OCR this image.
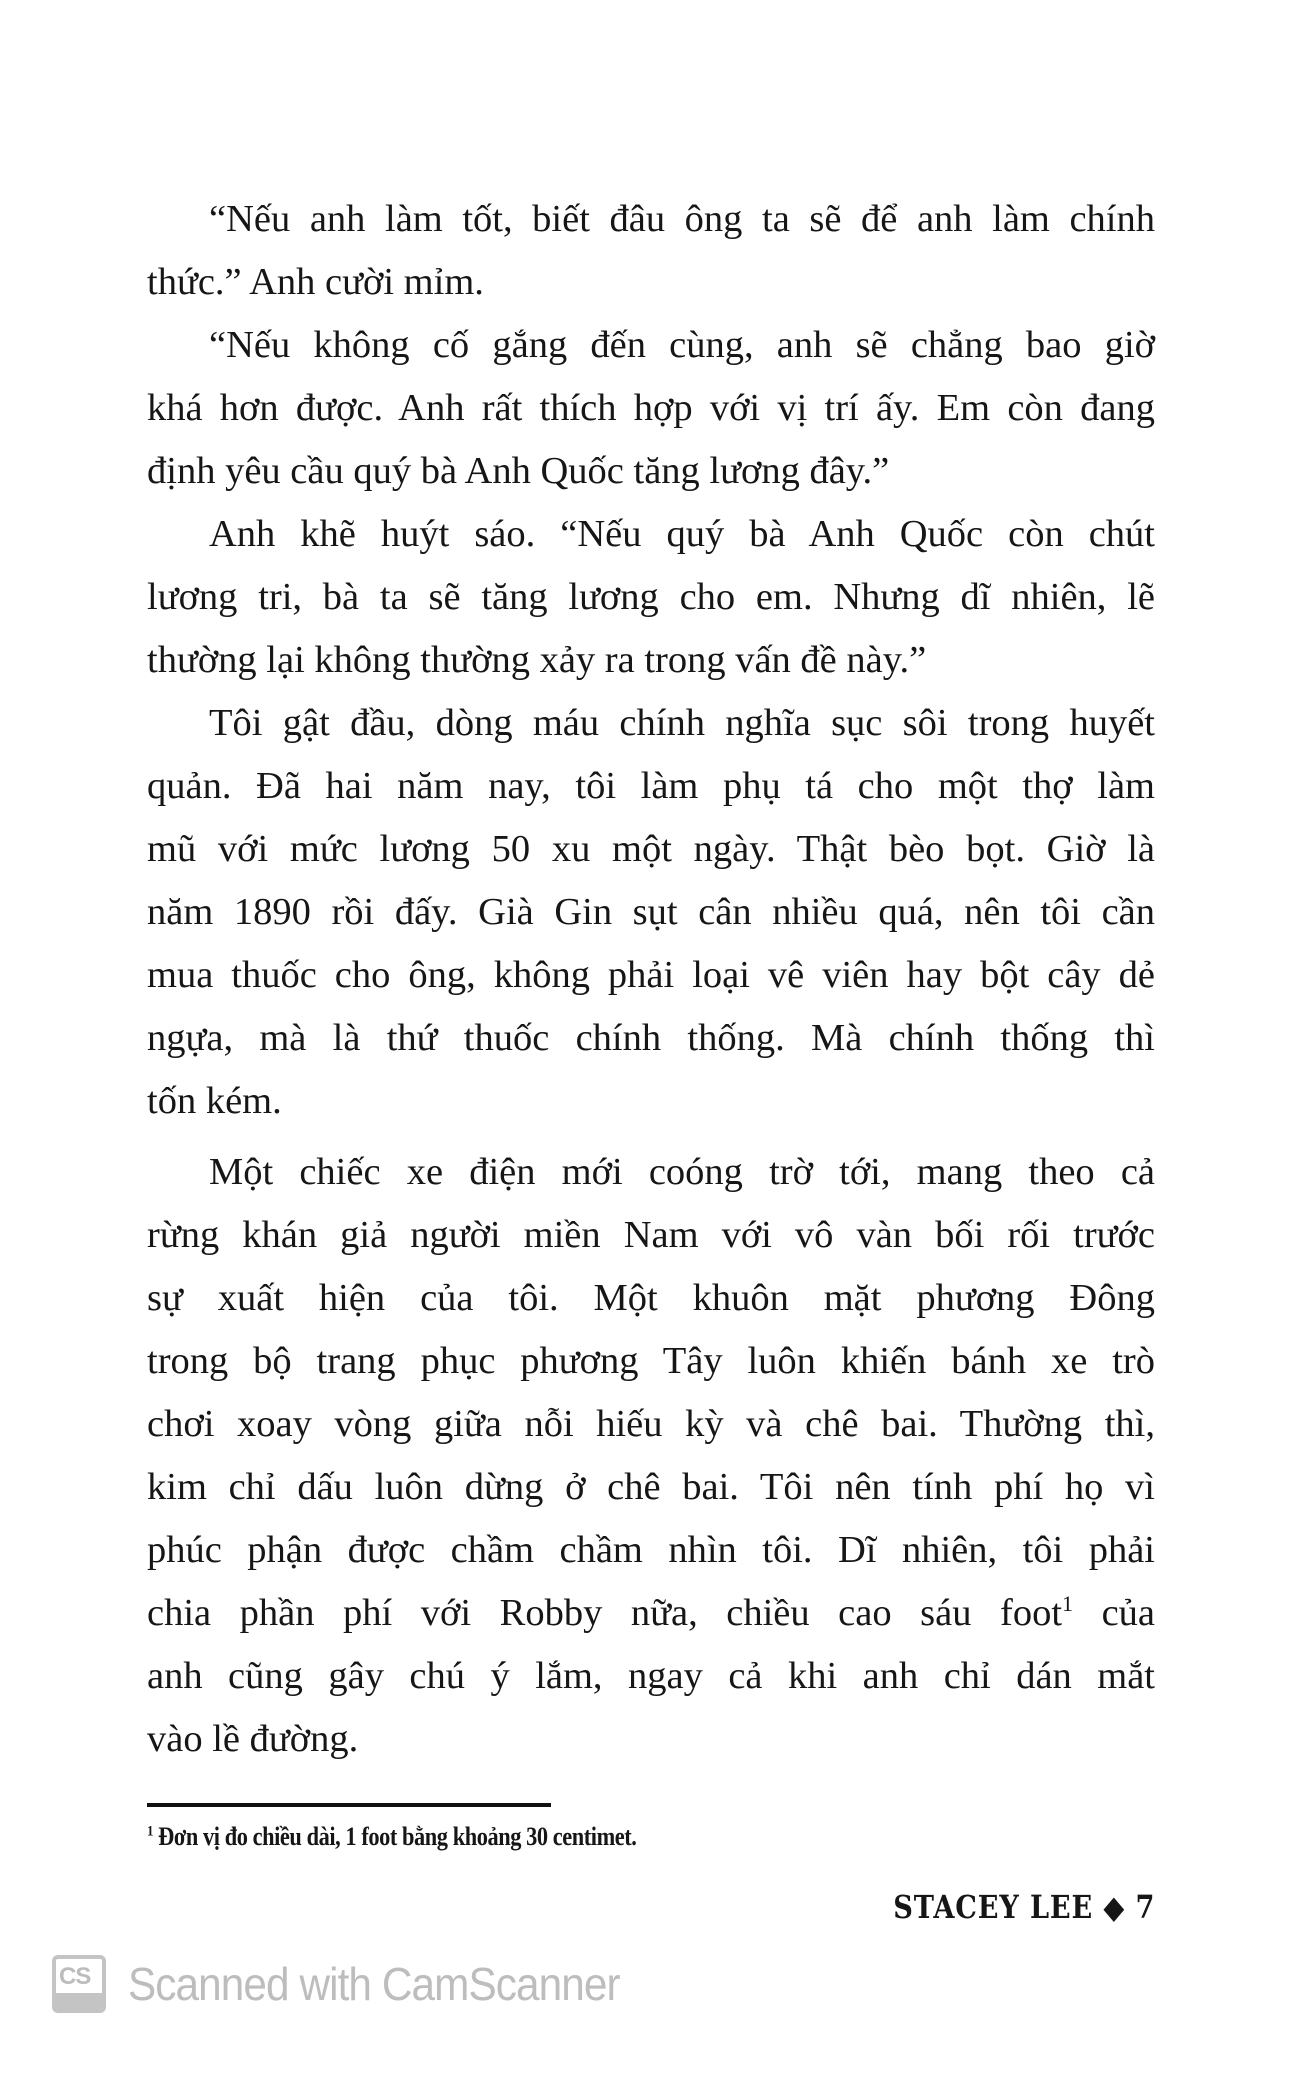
“Nếu anh làm tốt, biết đâu ông ta sẽ để anh làm chính
thức.” Anh cười mỉm.
“Nếu không cố gắng đến cùng, anh sẽ chẳng bao giờ
khá hơn được. Anh rất thích hợp với vị trí ấy. Em còn đang
định yêu cầu quý bà Anh Quốc tăng lương đây.”
Anh khẽ huýt sáo. “Nếu quý bà Anh Quốc còn chút
lương tri, bà ta sẽ tăng lương cho em. Nhưng dĩ nhiên, lẽ
thường lại không thường xảy ra trong vấn đề này.”
Tôi gật đầu, dòng máu chính nghĩa sục sôi trong huyết
quản. Đã hai năm nay, tôi làm phụ tá cho một thợ làm
mũ với mức lương 50 xu một ngày. Thật bèo bọt. Giờ là
năm 1890 rồi đấy. Già Gin sụt cân nhiều quá, nên tôi cần
mua thuốc cho ông, không phải loại vê viên hay bột cây dẻ
ngựa, mà là thứ thuốc chính thống. Mà chính thống thì
tốn kém.
Một chiếc xe điện mới coóng trờ tới, mang theo cả
rừng khán giả người miền Nam với vô vàn bối rối trước
sự xuất hiện của tôi. Một khuôn mặt phương Đông
trong bộ trang phục phương Tây luôn khiến bánh xe trò
chơi xoay vòng giữa nỗi hiếu kỳ và chê bai. Thường thì,
kim chỉ dấu luôn dừng ở chê bai. Tôi nên tính phí họ vì
phúc phận được chầm chầm nhìn tôi. Dĩ nhiên, tôi phải
chia phần phí với Robby nữa, chiều cao sáu foot$^1$ của
anh cũng gây chú ý lắm, ngay cả khi anh chỉ dán mắt
vào lề đường.
$^1$ Đơn vị đo chiều dài, 1 foot bằng khoảng 30 centimet.
STACEY LEE ◆ 7
CS Scanned with CamScanner
